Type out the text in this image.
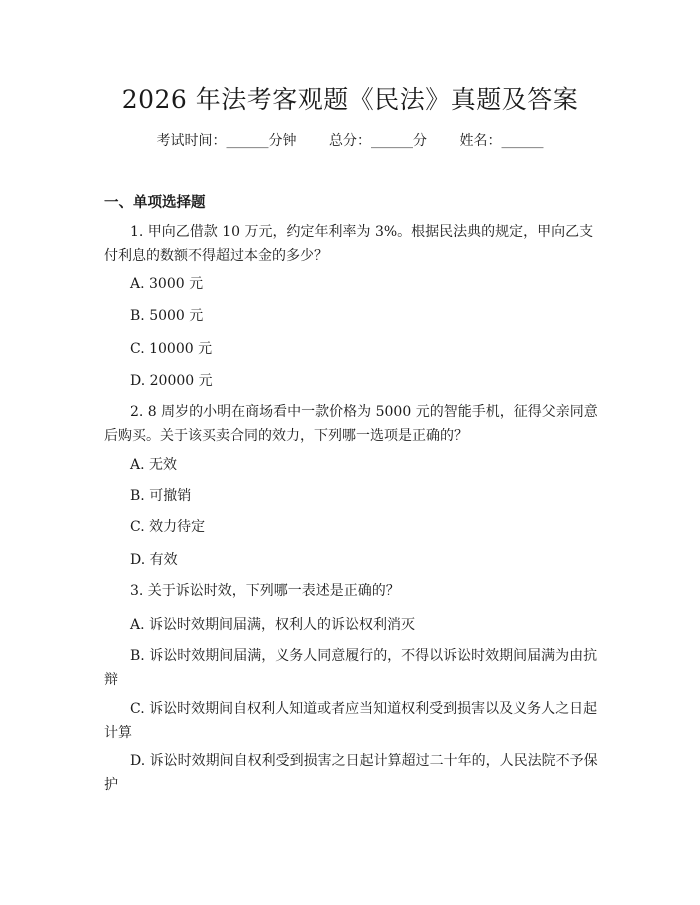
2026 年法考客观题《民法》真题及答案
考试时间：______分钟 总分：______分 姓名：______
一、单项选择题

1. 甲向乙借款 10 万元，约定年利率为 3%。根据民法典的规定，甲向乙支付利息的数额不得超过本金的多少？

A. 3000 元

B. 5000 元

C. 10000 元

D. 20000 元

2. 8 周岁的小明在商场看中一款价格为 5000 元的智能手机，征得父亲同意后购买。关于该买卖合同的效力，下列哪一选项是正确的？

A. 无效

B. 可撤销

C. 效力待定

D. 有效

3. 关于诉讼时效，下列哪一表述是正确的？

A. 诉讼时效期间届满，权利人的诉讼权利消灭

B. 诉讼时效期间届满，义务人同意履行的，不得以诉讼时效期间届满为由抗辩

C. 诉讼时效期间自权利人知道或者应当知道权利受到损害以及义务人之日起计算

D. 诉讼时效期间自权利受到损害之日起计算超过二十年的，人民法院不予保护
